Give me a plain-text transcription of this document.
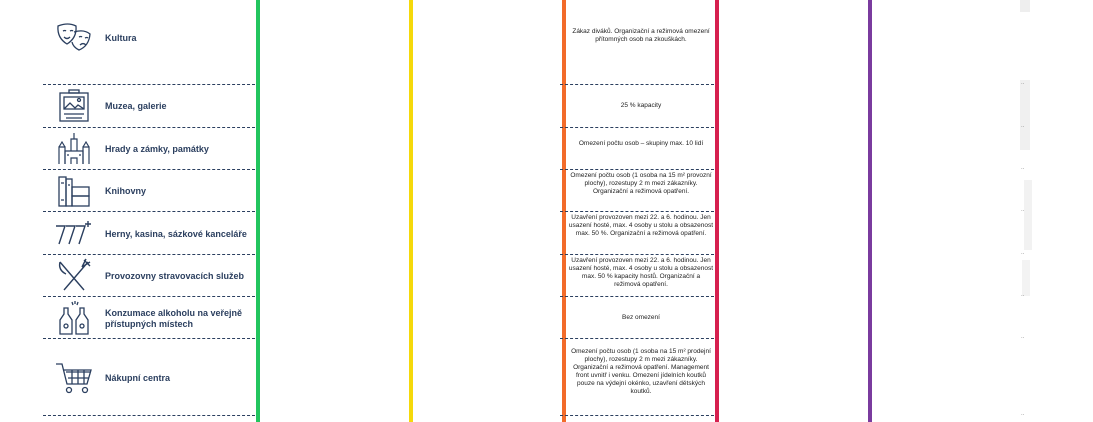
Kultura
Zákaz diváků. Organizační a režimová omezení přítomných osob na zkouškách.
..
Muzea, galerie	25 % kapacity
..
Hrady a zámky, památky
Omezení počtu osob – skupiny max. 10 lidí
..
Knihovny
Omezení počtu osob (1 osoba na 15 m² provozní plochy), rozestupy 2 m mezi zákazníky. Organizační a režimová opatření.
..
Herny, kasina, sázkové kanceláře
Uzavření provozoven mezi 22. a 6. hodinou. Jen usazení hosté, max. 4 osoby u stolu a obsazenost max. 50 %. Organizační a režimová opatření.
..
Provozovny stravovacích služeb
Uzavření provozoven mezi 22. a 6. hodinou. Jen usazení hosté, max. 4 osoby u stolu a obsazenost max. 50 % kapacity hostů. Organizační a režimová opatření.
..
Konzumace alkoholu na veřejně přístupných místech
Bez omezení
..
Nákupní centra
Omezení počtu osob (1 osoba na 15 m² prodejní plochy), rozestupy 2 m mezi zákazníky. Organizační a režimová opatření. Management front uvnitř i venku. Omezení jídelních koutků pouze na výdejní okénko, uzavření dětských koutků.
..
